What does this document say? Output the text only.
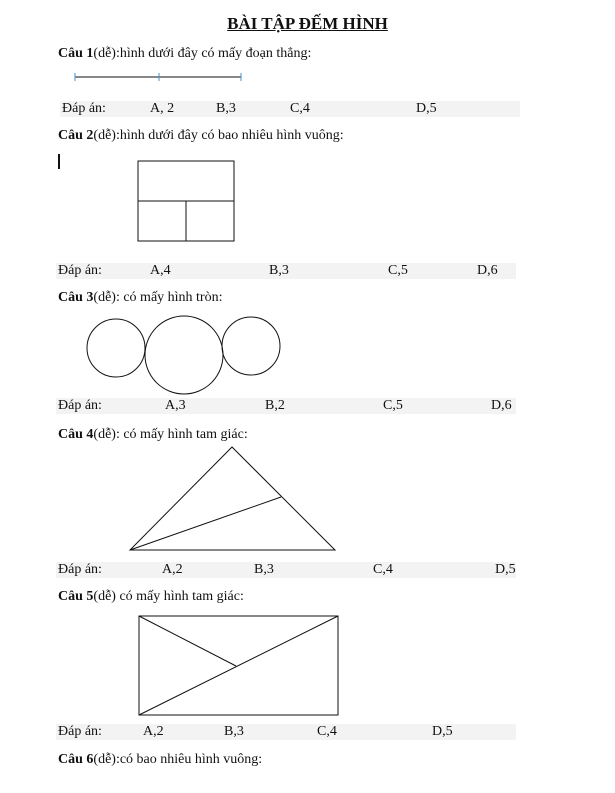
BÀI TẬP ĐẾM HÌNH
Câu 1(dễ):hình dưới đây có mấy đoạn thẳng:
Đáp án:	A, 2	B,3	C,4	D,5
Câu 2(dễ):hình dưới đây có bao nhiêu hình vuông:
Đáp án:	A,4	B,3	C,5	D,6
Câu 3(dễ): có mấy hình tròn:
Đáp án:	A,3	B,2	C,5	D,6
Câu 4(dễ): có mấy hình tam giác:
Đáp án:	A,2	B,3	C,4	D,5
Câu 5(dễ) có mấy hình tam giác:
Đáp án:	A,2	B,3	C,4	D,5
Câu 6(dễ):có bao nhiêu hình vuông:
